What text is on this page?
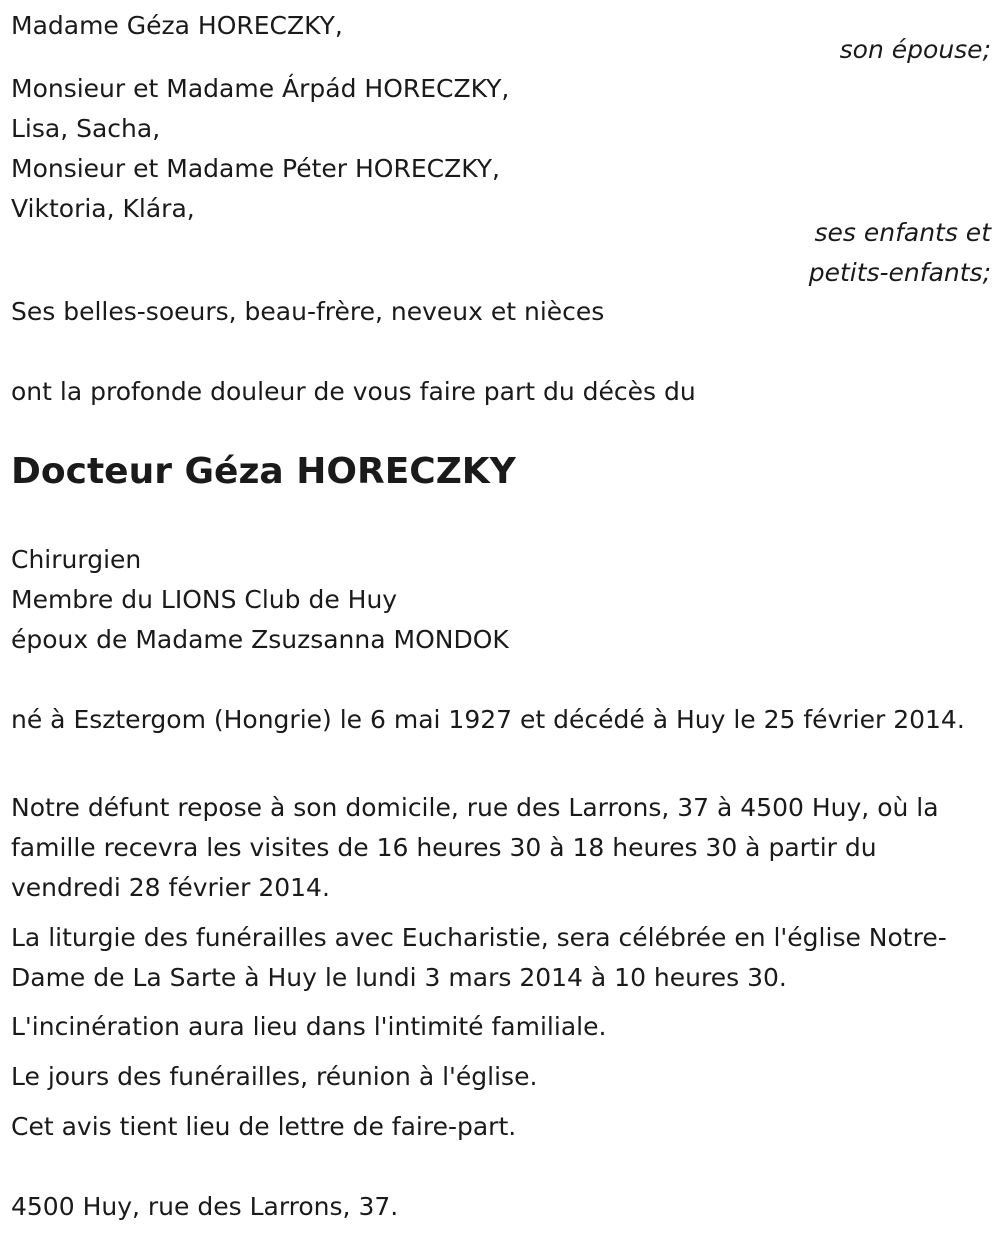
Madame Géza HORECZKY,
son épouse;
Monsieur et Madame Árpád HORECZKY,
Lisa, Sacha,
Monsieur et Madame Péter HORECZKY,
Viktoria, Klára,
ses enfants et
petits-enfants;
Ses belles-soeurs, beau-frère, neveux et nièces
ont la profonde douleur de vous faire part du décès du
Docteur Géza HORECZKY
Chirurgien
Membre du LIONS Club de Huy
époux de Madame Zsuzsanna MONDOK
né à Esztergom (Hongrie) le 6 mai 1927 et décédé à Huy le 25 février 2014.
Notre défunt repose à son domicile, rue des Larrons, 37 à 4500 Huy, où la famille recevra les visites de 16 heures 30 à 18 heures 30 à partir du vendredi 28 février 2014.
La liturgie des funérailles avec Eucharistie, sera célébrée en l'église Notre-Dame de La Sarte à Huy le lundi 3 mars 2014 à 10 heures 30.
L'incinération aura lieu dans l'intimité familiale.
Le jours des funérailles, réunion à l'église.
Cet avis tient lieu de lettre de faire-part.
4500 Huy, rue des Larrons, 37.
